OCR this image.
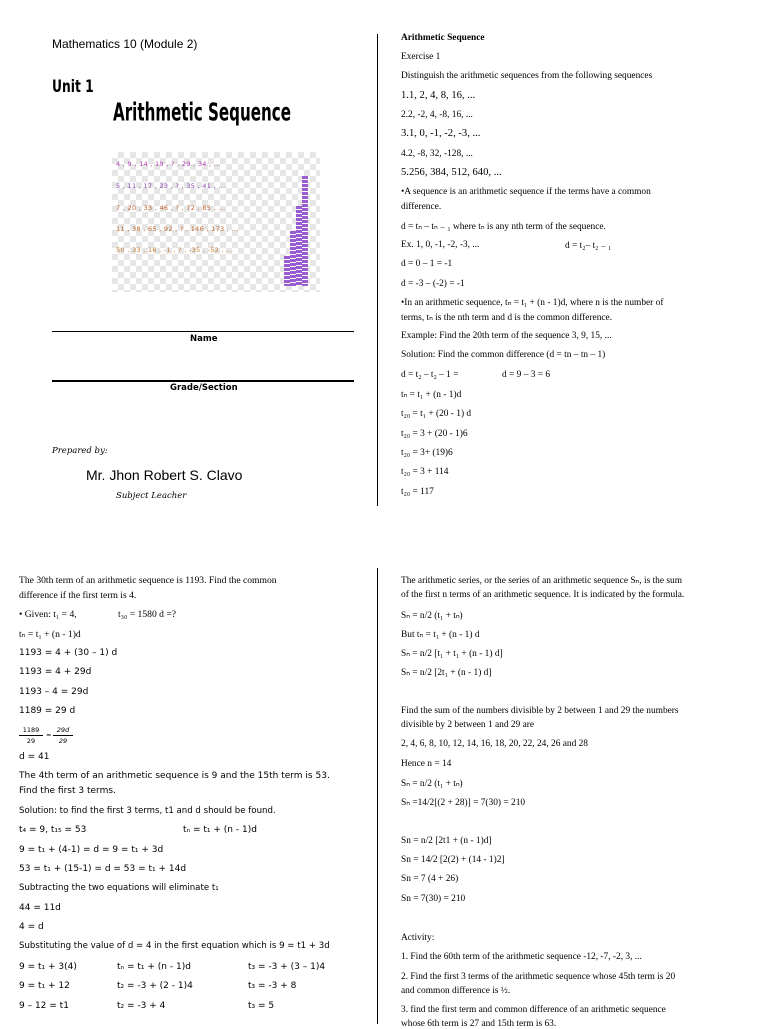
Mathematics 10 (Module 2)
Unit 1
Arithmetic Sequence
4 , 9 , 14 , 19 , ? , 29 , 34 , ...
5 , 11 , 17 , 23 , ? , 35 , 41 , ...
7 , 20 , 33 , 46 , ? , 72 , 85 , ...
11 , 38 , 65 , 92 , ? , 146 , 173 , ...
50 , 33 , 16 , -1 , ? , -35 , -52 , ...
Name
Grade/Section
Prepared by:
Mr. Jhon Robert S. Clavo
Subject Leacher
Arithmetic Sequence
Exercise 1
Distinguish the arithmetic sequences from the following sequences
1.1, 2, 4, 8, 16, ...
2.2, -2, 4, -8, 16, ...
3.1, 0, -1, -2, -3, ...
4.2, -8, 32, -128, ...
5.256, 384, 512, 640, ...
•A sequence is an arithmetic sequence if the terms have a common
difference.
d = tₙ – tₙ ₋ ₁ where tₙ is any nth term of the sequence.
Ex. 1, 0, -1, -2, -3, ...	d = t₂– t₂ ₋ ₁
d = 0 – 1 = -1
d = -3 – (-2) = -1
•In an arithmetic sequence, tₙ = t₁ + (n - 1)d, where n is the number of
terms, tₙ is the nth term and d is the common difference.
Example: Find the 20th term of the sequence 3, 9, 15, ...
Solution: Find the common difference (d = tn – tn – 1)
d = t₂ – t₂ – 1 =	d = 9 – 3 = 6
tₙ = t₁ + (n - 1)d
t₂₀ = t₁ + (20 - 1) d
t₂₀ = 3 + (20 - 1)6
t₂₀ = 3+ (19)6
t₂₀ = 3 + 114
t₂₀ = 117
The 30th term of an arithmetic sequence is 1193. Find the common
difference if the first term is 4.
• Given: t₁ = 4,	t₃₀ = 1580 d =?
tₙ = t₁ + (n - 1)d
1193 = 4 + (30 – 1) d
1193 = 4 + 29d
1193 – 4 = 29d
1189 = 29 d
1189
29
=
29d
29
d = 41
The 4th term of an arithmetic sequence is 9 and the 15th term is 53.
Find the first 3 terms.
Solution: to find the first 3 terms, t1 and d should be found.
t₄ = 9, t₁₅ = 53	tₙ = t₁ + (n - 1)d
9 = t₁ + (4-1) = d = 9 = t₁ + 3d
53 = t₁ + (15-1) = d = 53 = t₁ + 14d
Subtracting the two equations will eliminate t₁
44 = 11d
4 = d
Substituting the value of d = 4 in the first equation which is 9 = t1 + 3d
9 = t₁ + 3(4)	tₙ = t₁ + (n - 1)d	t₃ = -3 + (3 – 1)4
9 = t₁ + 12	t₂ = -3 + (2 - 1)4	t₃ = -3 + 8
9 – 12 = t1	t₂ = -3 + 4	t₃ = 5
The arithmetic series, or the series of an arithmetic sequence Sₙ, is the sum
of the first n terms of an arithmetic sequence. It is indicated by the formula.
Sₙ = n/2 (t₁ + tₙ)
But tₙ = t₁ + (n - 1) d
Sₙ = n/2 [t₁ + t₁ + (n - 1) d]
Sₙ = n/2 [2t₁ + (n - 1) d]
Find the sum of the numbers divisible by 2 between 1 and 29 the numbers
divisible by 2 between 1 and 29 are
2, 4, 6, 8, 10, 12, 14, 16, 18, 20, 22, 24, 26 and 28
Hence n = 14
Sₙ = n/2 (t₁ + tₙ)
Sₙ =14/2[(2 + 28)] = 7(30) = 210
Sn = n/2 [2t1 + (n - 1)d]
Sn = 14/2 [2(2) + (14 - 1)2]
Sn = 7 (4 + 26)
Sn = 7(30) = 210
Activity:
1. Find the 60th term of the arithmetic sequence -12, -7, -2, 3, ...
2. Find the first 3 terms of the arithmetic sequence whose 45th term is 20
and common difference is ½.
3. find the first term and common difference of an arithmetic sequence
whose 6th term is 27 and 15th term is 63.
